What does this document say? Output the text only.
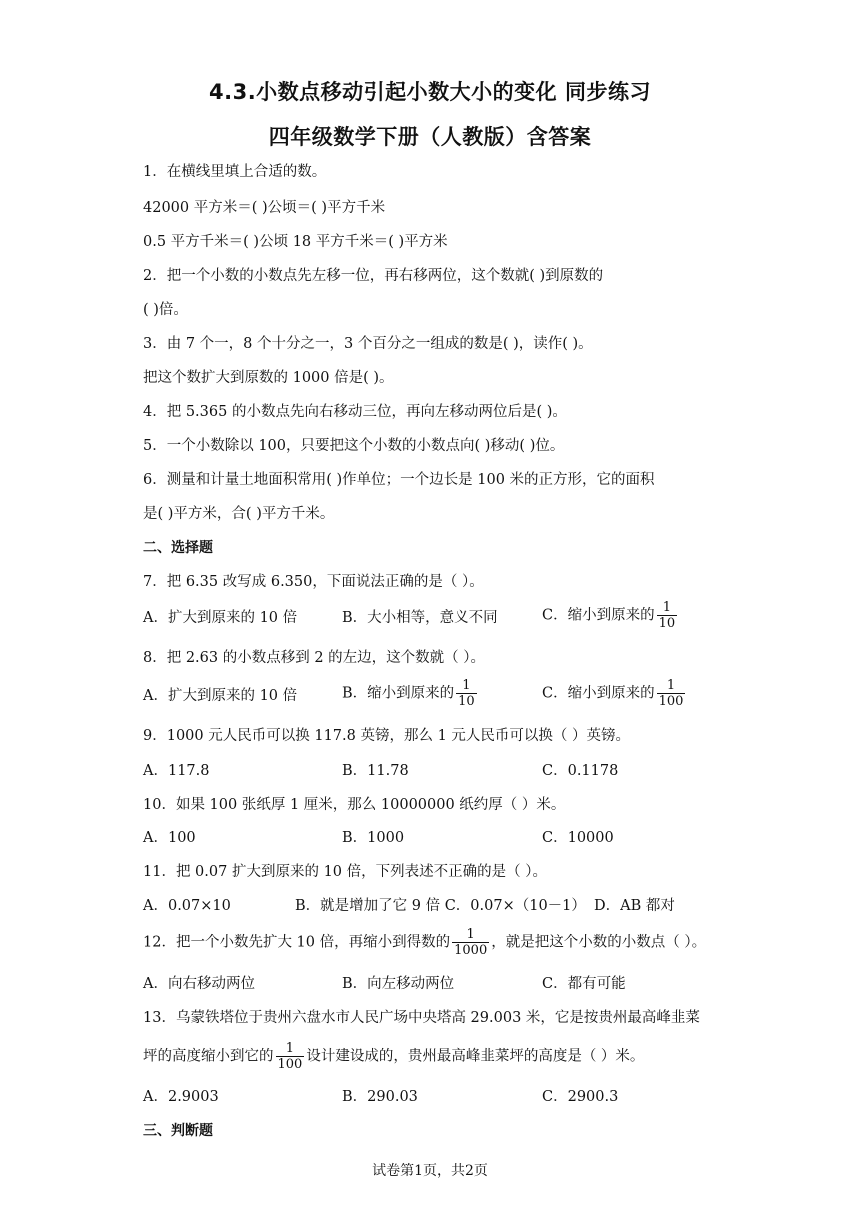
4.3.小数点移动引起小数大小的变化 同步练习
四年级数学下册（人教版）含答案
1．在横线里填上合适的数。
42000 平方米＝( )公顷＝( )平方千米
0.5 平方千米＝( )公顷 18 平方千米＝( )平方米
2．把一个小数的小数点先左移一位，再右移两位，这个数就( )到原数的
( )倍。
3．由 7 个一，8 个十分之一，3 个百分之一组成的数是( )，读作( )。
把这个数扩大到原数的 1000 倍是( )。
4．把 5.365 的小数点先向右移动三位，再向左移动两位后是( )。
5．一个小数除以 100，只要把这个小数的小数点向( )移动( )位。
6．测量和计量土地面积常用( )作单位；一个边长是 100 米的正方形，它的面积
是( )平方米，合( )平方千米。
二、选择题
7．把 6.35 改写成 6.350，下面说法正确的是（ ）。
A．扩大到原来的 10 倍	B．大小相等，意义不同	C．缩小到原来的 $\frac{1}{10}$
8．把 2.63 的小数点移到 2 的左边，这个数就（ ）。
A．扩大到原来的 10 倍	B．缩小到原来的 $\frac{1}{10}$	C．缩小到原来的 $\frac{1}{100}$
9．1000 元人民币可以换 117.8 英镑，那么 1 元人民币可以换（ ）英镑。
A．117.8	B．11.78	C．0.1178
10．如果 100 张纸厚 1 厘米，那么 10000000 纸约厚（ ）米。
A．100	B．1000	C．10000
11．把 0.07 扩大到原来的 10 倍，下列表述不正确的是（ ）。
A．0.07×10	B．就是增加了它 9 倍 C．0.07×（10－1） D．AB 都对
12．把一个小数先扩大 10 倍，再缩小到得数的 $\frac{1}{1000}$ ，就是把这个小数的小数点（ ）。
A．向右移动两位	B．向左移动两位	C．都有可能
13．乌蒙铁塔位于贵州六盘水市人民广场中央塔高 29.003 米，它是按贵州最高峰韭菜
坪的高度缩小到它的 $\frac{1}{100}$ 设计建设成的，贵州最高峰韭菜坪的高度是（ ）米。
A．2.9003	B．290.03	C．2900.3
三、判断题
试卷第1页，共2页
